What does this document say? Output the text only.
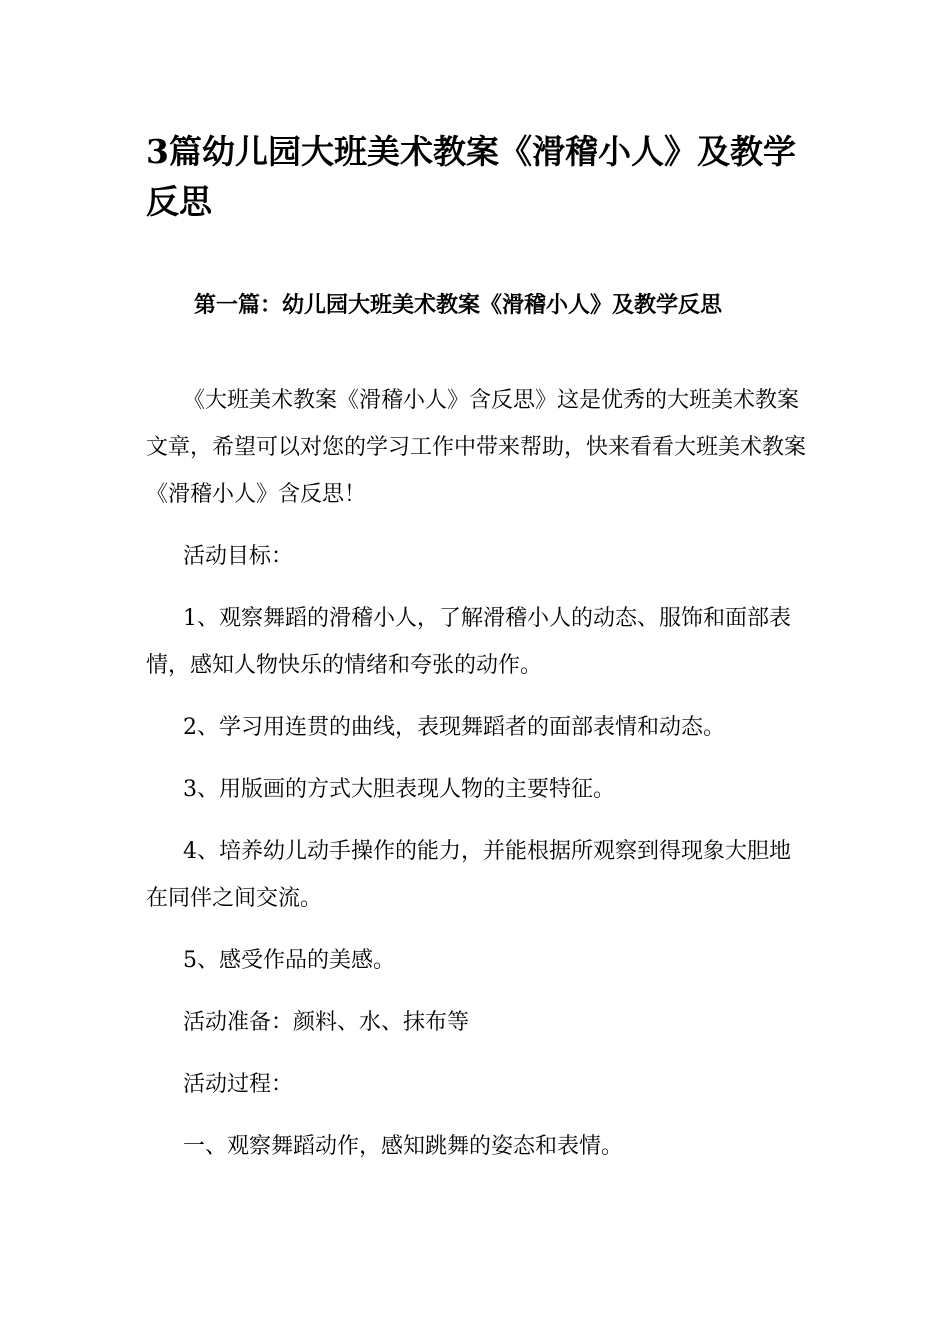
3篇幼儿园大班美术教案《滑稽小人》及教学反思
第一篇：幼儿园大班美术教案《滑稽小人》及教学反思

《大班美术教案《滑稽小人》含反思》这是优秀的大班美术教案文章，希望可以对您的学习工作中带来帮助，快来看看大班美术教案《滑稽小人》含反思！

活动目标：

1、观察舞蹈的滑稽小人，了解滑稽小人的动态、服饰和面部表情，感知人物快乐的情绪和夸张的动作。

2、学习用连贯的曲线，表现舞蹈者的面部表情和动态。

3、用版画的方式大胆表现人物的主要特征。

4、培养幼儿动手操作的能力，并能根据所观察到得现象大胆地在同伴之间交流。

5、感受作品的美感。

活动准备：颜料、水、抹布等

活动过程：

一、观察舞蹈动作，感知跳舞的姿态和表情。
